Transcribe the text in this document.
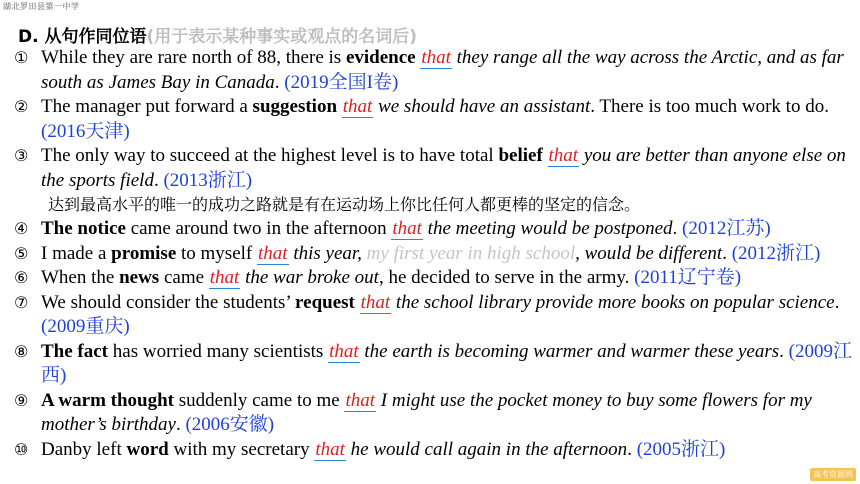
湖北罗田县第一中学
D. 从句作同位语(用于表示某种事实或观点的名词后)
① While they are rare north of 88, there is evidence that they range all the way across the Arctic, and as far south as James Bay in Canada. (2019全国I卷)
② The manager put forward a suggestion that we should have an assistant. There is too much work to do. (2016天津)
③ The only way to succeed at the highest level is to have total belief that you are better than anyone else on the sports field. (2013浙江)
达到最高水平的唯一的成功之路就是有在运动场上你比任何人都更棒的坚定的信念。
④ The notice came around two in the afternoon that the meeting would be postponed. (2012江苏)
⑤ I made a promise to myself that this year, my first year in high school, would be different. (2012浙江)
⑥ When the news came that the war broke out, he decided to serve in the army. (2011辽宁卷)
⑦ We should consider the students’ request that the school library provide more books on popular science. (2009重庆)
⑧ The fact has worried many scientists that the earth is becoming warmer and warmer these years. (2009江西)
⑨ A warm thought suddenly came to me that I might use the pocket money to buy some flowers for my mother’s birthday. (2006安徽)
⑩ Danby left word with my secretary that he would call again in the afternoon. (2005浙江)
高考资源网
